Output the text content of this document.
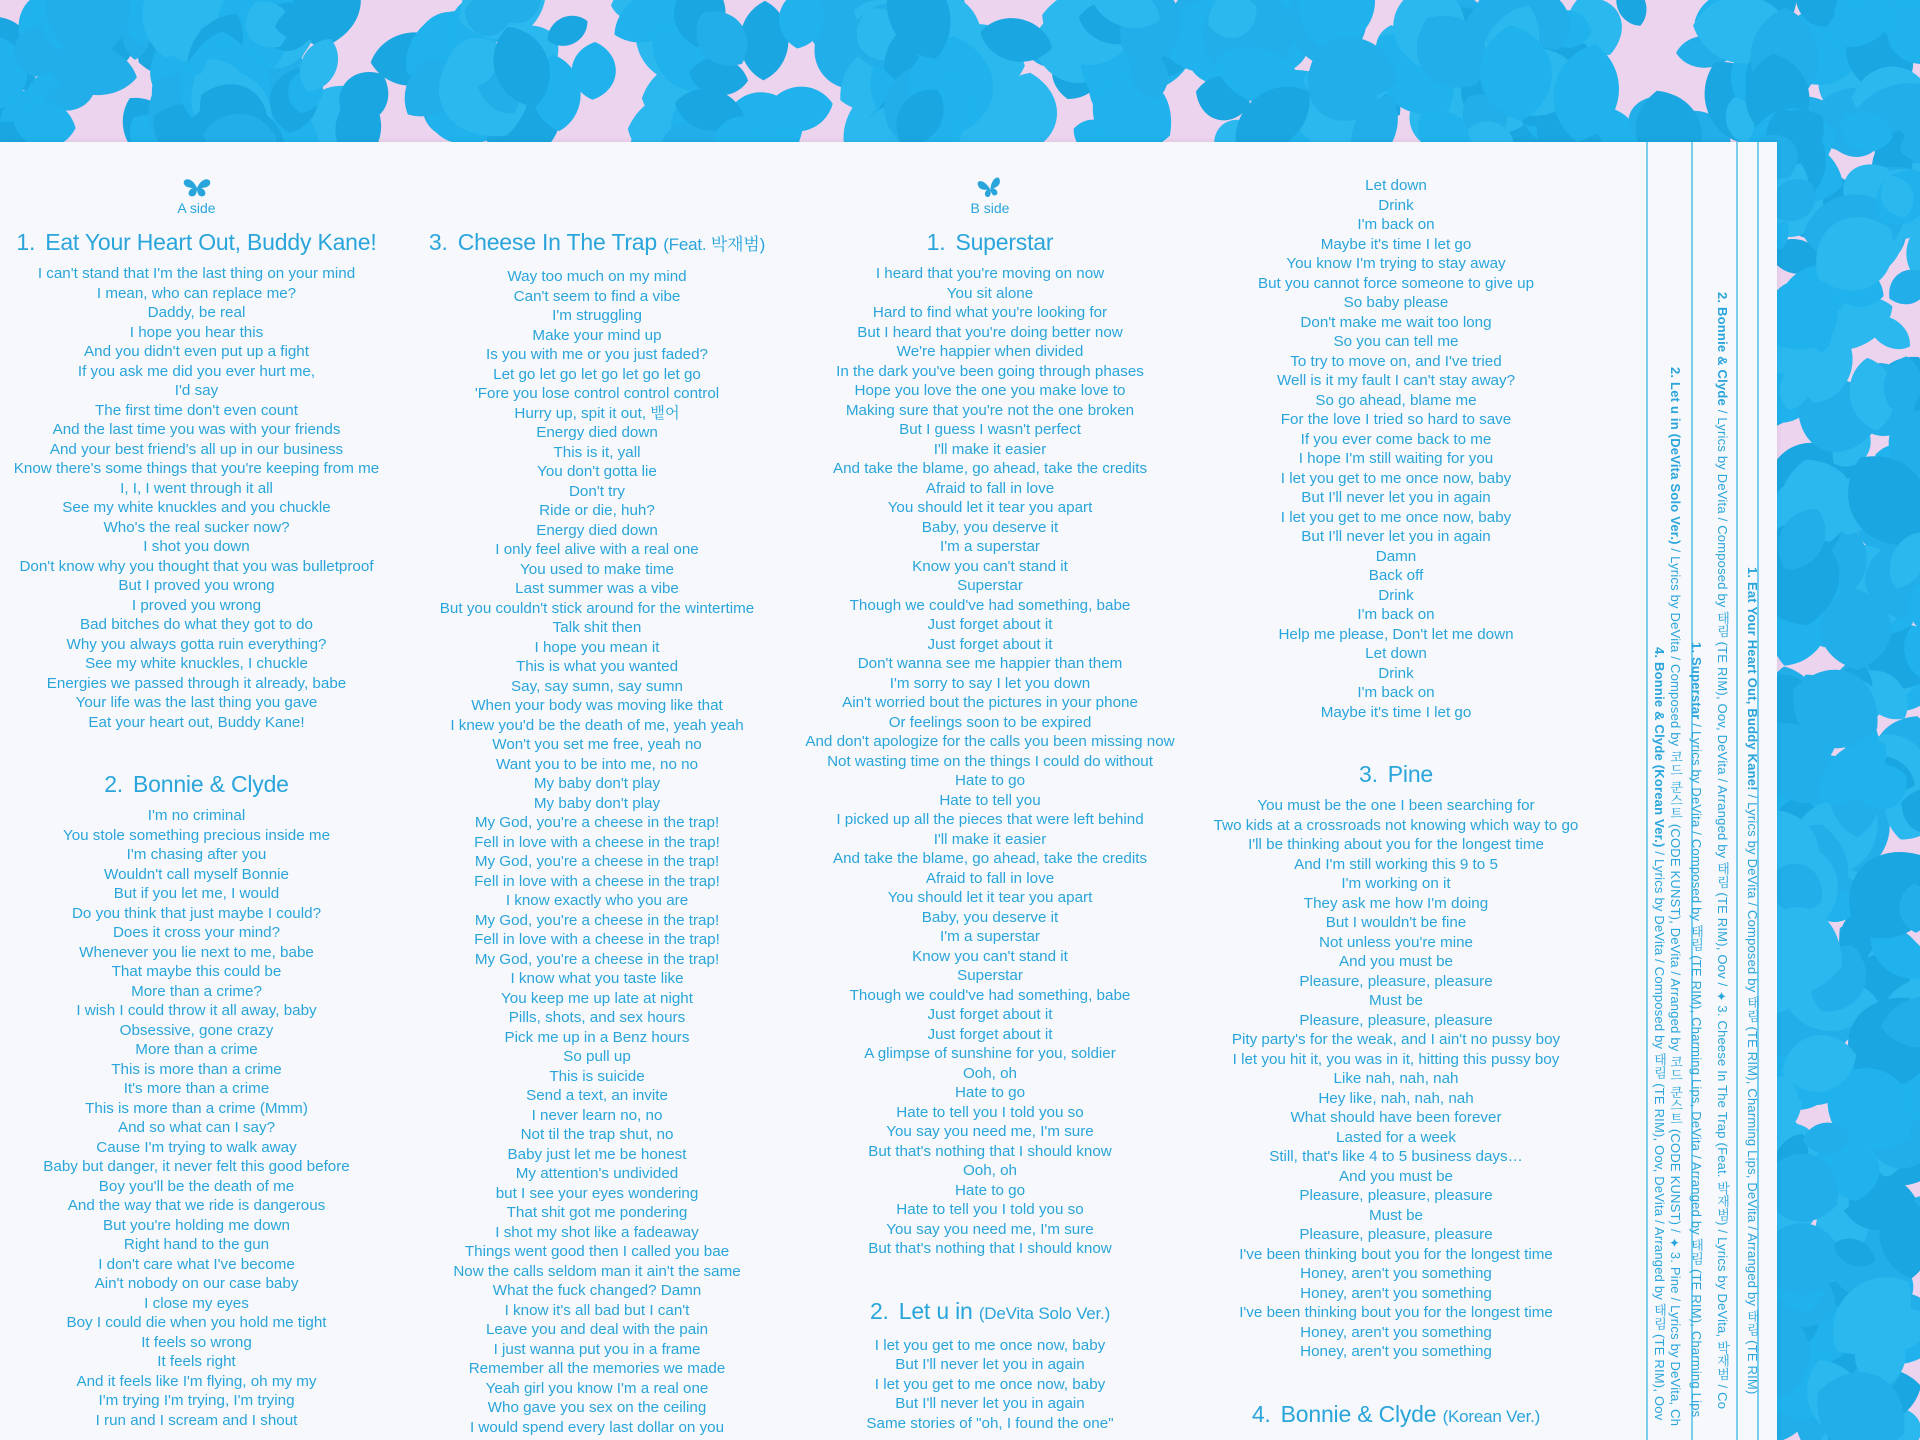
A side
1. Eat Your Heart Out, Buddy Kane!
I can't stand that I'm the last thing on your mind
I mean, who can replace me?
Daddy, be real
I hope you hear this
And you didn't even put up a fight
If you ask me did you ever hurt me,
I'd say
The first time don't even count
And the last time you was with your friends
And your best friend's all up in our business
Know there's some things that you're keeping from me
I, I, I went through it all
See my white knuckles and you chuckle
Who's the real sucker now?
I shot you down
Don't know why you thought that you was bulletproof
But I proved you wrong
I proved you wrong
Bad bitches do what they got to do
Why you always gotta ruin everything?
See my white knuckles, I chuckle
Energies we passed through it already, babe
Your life was the last thing you gave
Eat your heart out, Buddy Kane!
2. Bonnie & Clyde
I'm no criminal
You stole something precious inside me
I'm chasing after you
Wouldn't call myself Bonnie
But if you let me, I would
Do you think that just maybe I could?
Does it cross your mind?
Whenever you lie next to me, babe
That maybe this could be
More than a crime?
I wish I could throw it all away, baby
Obsessive, gone crazy
More than a crime
This is more than a crime
It's more than a crime
This is more than a crime (Mmm)
And so what can I say?
Cause I'm trying to walk away
Baby but danger, it never felt this good before
Boy you'll be the death of me
And the way that we ride is dangerous
But you're holding me down
Right hand to the gun
I don't care what I've become
Ain't nobody on our case baby
I close my eyes
Boy I could die when you hold me tight
It feels so wrong
It feels right
And it feels like I'm flying, oh my my
I'm trying I'm trying, I'm trying
I run and I scream and I shout
3. Cheese In The Trap (Feat. 박재범)
Way too much on my mind
Can't seem to find a vibe
I'm struggling
Make your mind up
Is you with me or you just faded?
Let go let go let go let go let go
'Fore you lose control control control
Hurry up, spit it out, 뱉어
Energy died down
This is it, yall
You don't gotta lie
Don't try
Ride or die, huh?
Energy died down
I only feel alive with a real one
You used to make time
Last summer was a vibe
But you couldn't stick around for the wintertime
Talk shit then
I hope you mean it
This is what you wanted
Say, say sumn, say sumn
When your body was moving like that
I knew you'd be the death of me, yeah yeah
Won't you set me free, yeah no
Want you to be into me, no no
My baby don't play
My baby don't play
My God, you're a cheese in the trap!
Fell in love with a cheese in the trap!
My God, you're a cheese in the trap!
Fell in love with a cheese in the trap!
I know exactly who you are
My God, you're a cheese in the trap!
Fell in love with a cheese in the trap!
My God, you're a cheese in the trap!
I know what you taste like
You keep me up late at night
Pills, shots, and sex hours
Pick me up in a Benz hours
So pull up
This is suicide
Send a text, an invite
I never learn no, no
Not til the trap shut, no
Baby just let me be honest
My attention's undivided
but I see your eyes wondering
That shit got me pondering
I shot my shot like a fadeaway
Things went good then I called you bae
Now the calls seldom man it ain't the same
What the fuck changed? Damn
I know it's all bad but I can't
Leave you and deal with the pain
I just wanna put you in a frame
Remember all the memories we made
Yeah girl you know I'm a real one
Who gave you sex on the ceiling
I would spend every last dollar on you
B side
1. Superstar
I heard that you're moving on now
You sit alone
Hard to find what you're looking for
But I heard that you're doing better now
We're happier when divided
In the dark you've been going through phases
Hope you love the one you make love to
Making sure that you're not the one broken
But I guess I wasn't perfect
I'll make it easier
And take the blame, go ahead, take the credits
Afraid to fall in love
You should let it tear you apart
Baby, you deserve it
I'm a superstar
Know you can't stand it
Superstar
Though we could've had something, babe
Just forget about it
Just forget about it
Don't wanna see me happier than them
I'm sorry to say I let you down
Ain't worried bout the pictures in your phone
Or feelings soon to be expired
And don't apologize for the calls you been missing now
Not wasting time on the things I could do without
Hate to go
Hate to tell you
I picked up all the pieces that were left behind
I'll make it easier
And take the blame, go ahead, take the credits
Afraid to fall in love
You should let it tear you apart
Baby, you deserve it
I'm a superstar
Know you can't stand it
Superstar
Though we could've had something, babe
Just forget about it
Just forget about it
A glimpse of sunshine for you, soldier
Ooh, oh
Hate to go
Hate to tell you I told you so
You say you need me, I'm sure
But that's nothing that I should know
Ooh, oh
Hate to go
Hate to tell you I told you so
You say you need me, I'm sure
But that's nothing that I should know
2. Let u in (DeVita Solo Ver.)
I let you get to me once now, baby
But I'll never let you in again
I let you get to me once now, baby
But I'll never let you in again
Same stories of "oh, I found the one"
Let down
Drink
I'm back on
Maybe it's time I let go
You know I'm trying to stay away
But you cannot force someone to give up
So baby please
Don't make me wait too long
So you can tell me
To try to move on, and I've tried
Well is it my fault I can't stay away?
So go ahead, blame me
For the love I tried so hard to save
If you ever come back to me
I hope I'm still waiting for you
I let you get to me once now, baby
But I'll never let you in again
I let you get to me once now, baby
But I'll never let you in again
Damn
Back off
Drink
I'm back on
Help me please, Don't let me down
Let down
Drink
I'm back on
Maybe it's time I let go
3. Pine
You must be the one I been searching for
Two kids at a crossroads not knowing which way to go
I'll be thinking about you for the longest time
And I'm still working this 9 to 5
I'm working on it
They ask me how I'm doing
But I wouldn't be fine
Not unless you're mine
And you must be
Pleasure, pleasure, pleasure
Must be
Pleasure, pleasure, pleasure
Pity party's for the weak, and I ain't no pussy boy
I let you hit it, you was in it, hitting this pussy boy
Like nah, nah, nah
Hey like, nah, nah, nah
What should have been forever
Lasted for a week
Still, that's like 4 to 5 business days…
And you must be
Pleasure, pleasure, pleasure
Must be
Pleasure, pleasure, pleasure
I've been thinking bout you for the longest time
Honey, aren't you something
Honey, aren't you something
I've been thinking bout you for the longest time
Honey, aren't you something
Honey, aren't you something
4. Bonnie & Clyde (Korean Ver.)
1. Eat Your Heart Out, Buddy Kane! / Lyrics by DeVita / Composed by 태림 (TE RIM), Charming Lips, DeVita / Arranged by 태림 (TE RIM)
2. Bonnie & Clyde / Lyrics by DeVita / Composed by 태림 (TE RIM), Oov, DeVita / Arranged by 태림 (TE RIM), Oov / ✦3. Cheese In The Trap (Feat. 박재범) / Lyrics by DeVita, 박재범 / Co
1. Superstar / Lyrics by DeVita / Composed by 태림 (TE RIM), Charming Lips, DeVita / Arranged by 태림 (TE RIM), Charming Lips
2. Let u in (DeVita Solo Ver.) / Lyrics by DeVita / Composed by 코드 쿤스트 (CODE KUNST), DeVita / Arranged by 코드 쿤스트 (CODE KUNST) / ✦3. Pine / Lyrics by DeVita, Ch
4. Bonnie & Clyde (Korean Ver.) / Lyrics by DeVita / Composed by 태림 (TE RIM), Oov, DeVita / Arranged by 태림 (TE RIM), Oov
